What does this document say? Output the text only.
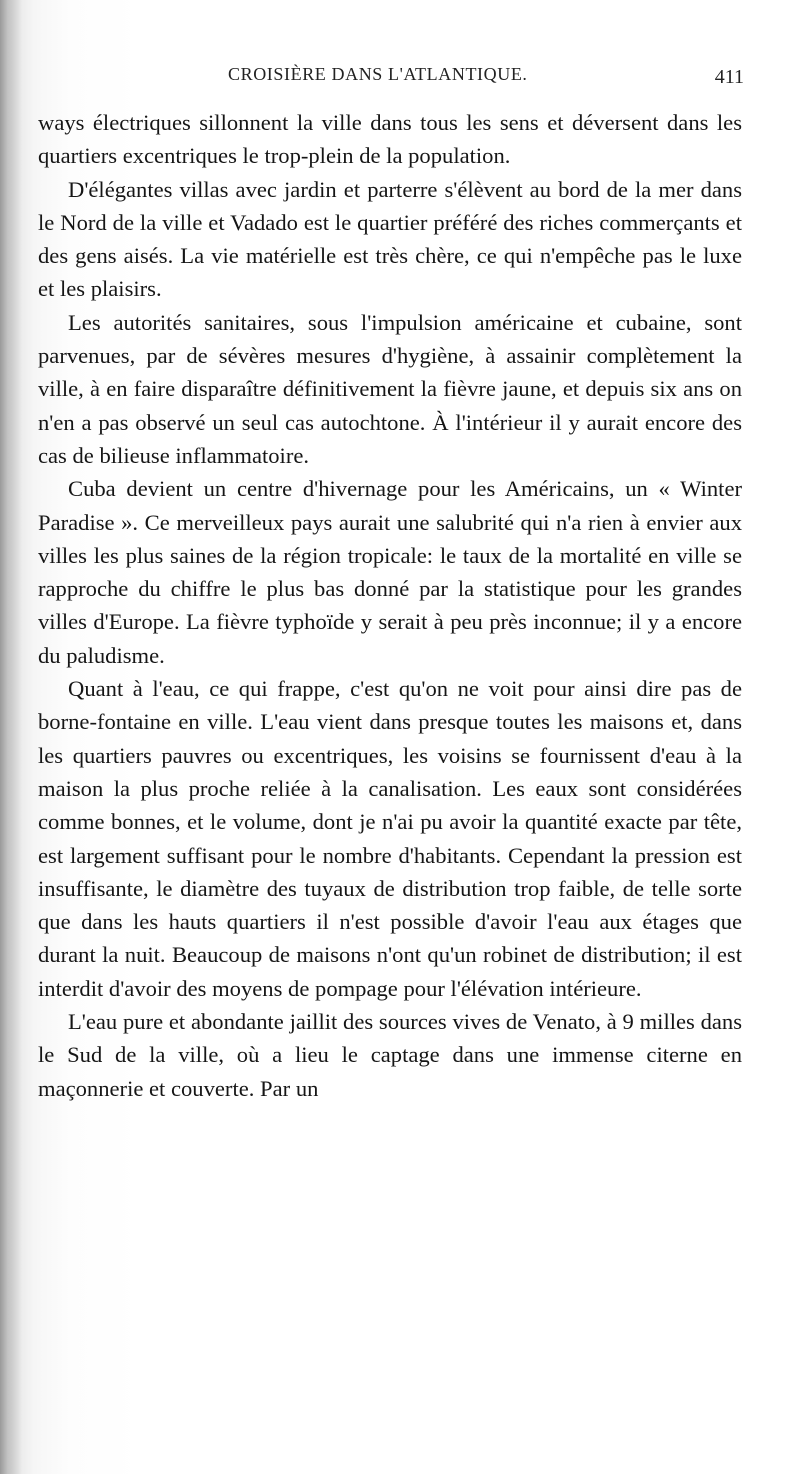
CROISIÈRE DANS L'ATLANTIQUE.	411

ways électriques sillonnent la ville dans tous les sens et déversent dans les quartiers excentriques le trop-plein de la population.

D'élégantes villas avec jardin et parterre s'élèvent au bord de la mer dans le Nord de la ville et Vadado est le quartier préféré des riches commerçants et des gens aisés. La vie matérielle est très chère, ce qui n'empêche pas le luxe et les plaisirs.

Les autorités sanitaires, sous l'impulsion américaine et cubaine, sont parvenues, par de sévères mesures d'hygiène, à assainir complètement la ville, à en faire disparaître définitivement la fièvre jaune, et depuis six ans on n'en a pas observé un seul cas autochtone. À l'intérieur il y aurait encore des cas de bilieuse inflammatoire.

Cuba devient un centre d'hivernage pour les Américains, un « Winter Paradise ». Ce merveilleux pays aurait une salubrité qui n'a rien à envier aux villes les plus saines de la région tropicale: le taux de la mortalité en ville se rapproche du chiffre le plus bas donné par la statistique pour les grandes villes d'Europe. La fièvre typhoïde y serait à peu près inconnue; il y a encore du paludisme.

Quant à l'eau, ce qui frappe, c'est qu'on ne voit pour ainsi dire pas de borne-fontaine en ville. L'eau vient dans presque toutes les maisons et, dans les quartiers pauvres ou excentriques, les voisins se fournissent d'eau à la maison la plus proche reliée à la canalisation. Les eaux sont considérées comme bonnes, et le volume, dont je n'ai pu avoir la quantité exacte par tête, est largement suffisant pour le nombre d'habitants. Cependant la pression est insuffisante, le diamètre des tuyaux de distribution trop faible, de telle sorte que dans les hauts quartiers il n'est possible d'avoir l'eau aux étages que durant la nuit. Beaucoup de maisons n'ont qu'un robinet de distribution; il est interdit d'avoir des moyens de pompage pour l'élévation intérieure.

L'eau pure et abondante jaillit des sources vives de Venato, à 9 milles dans le Sud de la ville, où a lieu le captage dans une immense citerne en maçonnerie et couverte. Par un
